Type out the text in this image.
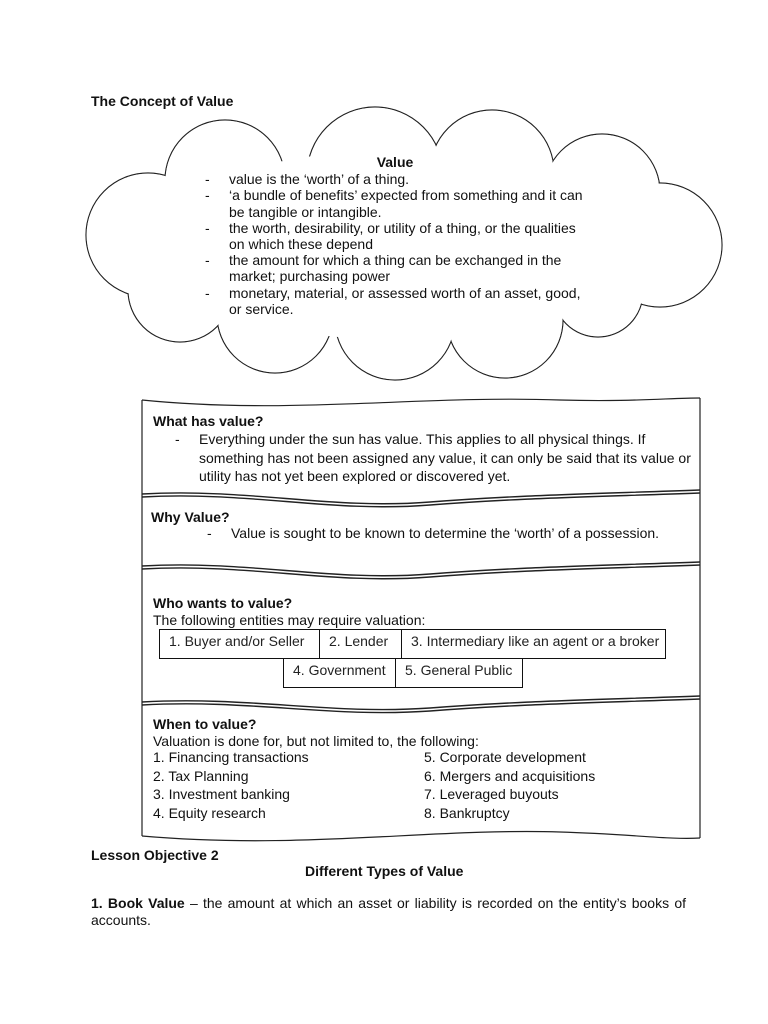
The Concept of Value
Value
-	value is the ‘worth’ of a thing.
-	‘a bundle of benefits’ expected from something and it can
be tangible or intangible.
-	the worth, desirability, or utility of a thing, or the qualities
on which these depend
-	the amount for which a thing can be exchanged in the
market; purchasing power
-	monetary, material, or assessed worth of an asset, good,
or service.
What has value?
-	Everything under the sun has value. This applies to all physical things. If
something has not been assigned any value, it can only be said that its value or
utility has not yet been explored or discovered yet.
Why Value?
-	Value is sought to be known to determine the ‘worth’ of a possession.
Who wants to value?
The following entities may require valuation:
1. Buyer and/or Seller	2. Lender	3. Intermediary like an agent or a broker
4. Government	5. General Public
When to value?
Valuation is done for, but not limited to, the following:
1. Financing transactions
2. Tax Planning
3. Investment banking
4. Equity research
5. Corporate development
6. Mergers and acquisitions
7. Leveraged buyouts
8. Bankruptcy
Lesson Objective 2
Different Types of Value
1. Book Value – the amount at which an asset or liability is recorded on the entity’s books of
accounts.
